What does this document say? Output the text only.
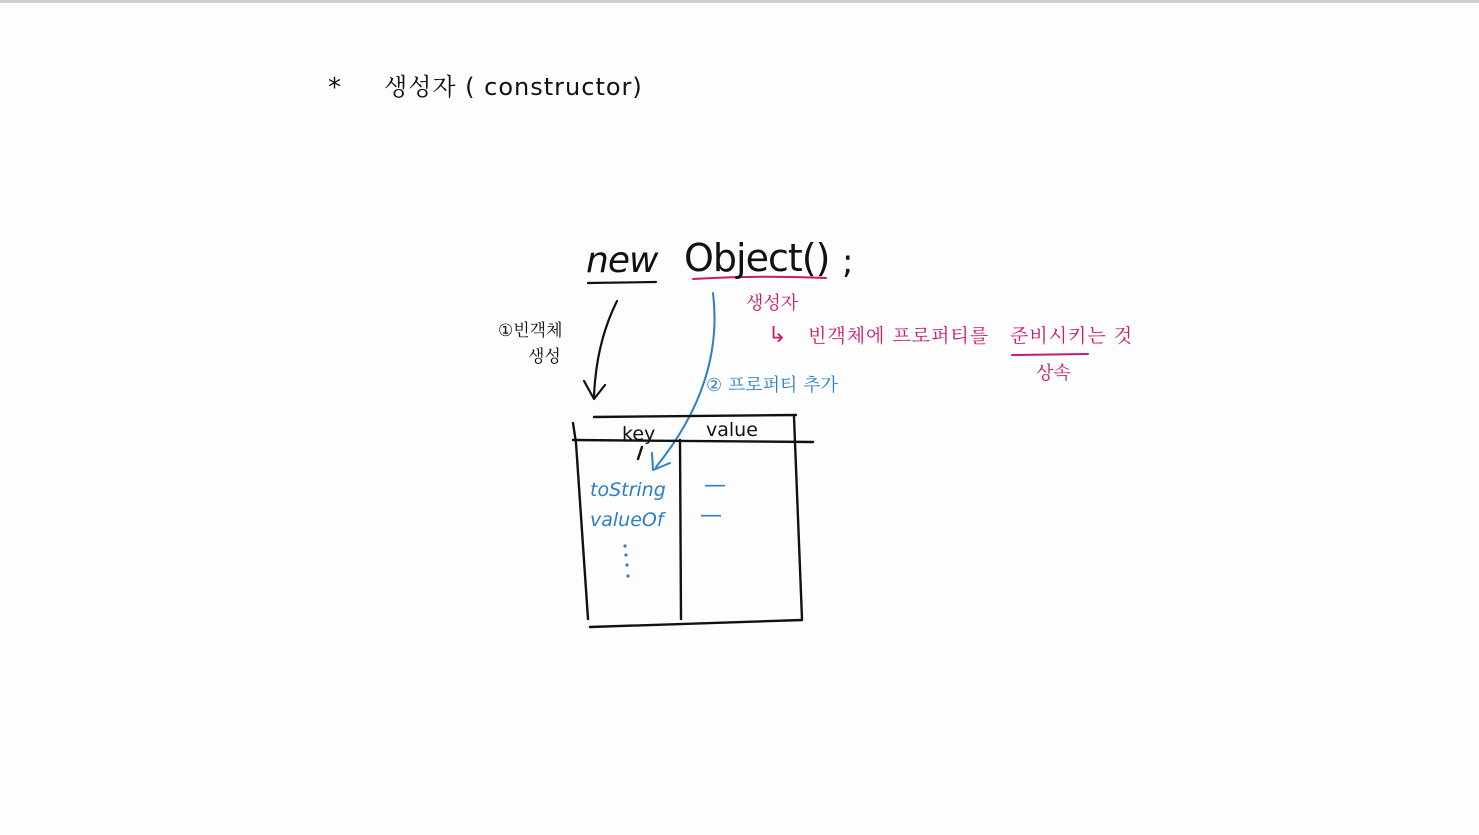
* 생성자 ( constructor)
new Object() ;
①빈객체
생성
생성자
↳ 빈객체에 프로퍼티를 준비시키는 것
상속
② 프로퍼티 추가
key	value
toString
valueOf
—
—
